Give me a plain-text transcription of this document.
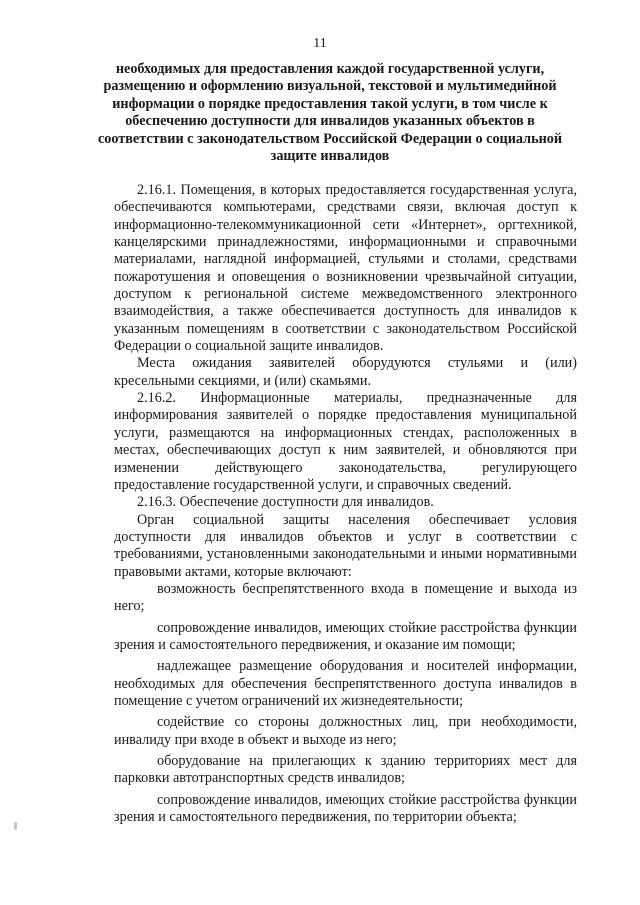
11
необходимых для предоставления каждой государственной услуги, размещению и оформлению визуальной, текстовой и мультимедийной информации о порядке предоставления такой услуги, в том числе к обеспечению доступности для инвалидов указанных объектов в соответствии с законодательством Российской Федерации о социальной защите инвалидов

2.16.1. Помещения, в которых предоставляется государственная услуга, обеспечиваются компьютерами, средствами связи, включая доступ к информационно-телекоммуникационной сети «Интернет», оргтехникой, канцелярскими принадлежностями, информационными и справочными материалами, наглядной информацией, стульями и столами, средствами пожаротушения и оповещения о возникновении чрезвычайной ситуации, доступом к региональной системе межведомственного электронного взаимодействия, а также обеспечивается доступность для инвалидов к указанным помещениям в соответствии с законодательством Российской Федерации о социальной защите инвалидов.

Места ожидания заявителей оборудуются стульями и (или) кресельными секциями, и (или) скамьями.

2.16.2. Информационные материалы, предназначенные для информирования заявителей о порядке предоставления муниципальной услуги, размещаются на информационных стендах, расположенных в местах, обеспечивающих доступ к ним заявителей, и обновляются при изменении действующего законодательства, регулирующего предоставление государственной услуги, и справочных сведений.

2.16.3. Обеспечение доступности для инвалидов.

Орган социальной защиты населения обеспечивает условия доступности для инвалидов объектов и услуг в соответствии с требованиями, установленными законодательными и иными нормативными правовыми актами, которые включают:

возможность беспрепятственного входа в помещение и выхода из него;

сопровождение инвалидов, имеющих стойкие расстройства функции зрения и самостоятельного передвижения, и оказание им помощи;

надлежащее размещение оборудования и носителей информации, необходимых для обеспечения беспрепятственного доступа инвалидов в помещение с учетом ограничений их жизнедеятельности;

содействие со стороны должностных лиц, при необходимости, инвалиду при входе в объект и выходе из него;

оборудование на прилегающих к зданию территориях мест для парковки автотранспортных средств инвалидов;

сопровождение инвалидов, имеющих стойкие расстройства функции зрения и самостоятельного передвижения, по территории объекта;
